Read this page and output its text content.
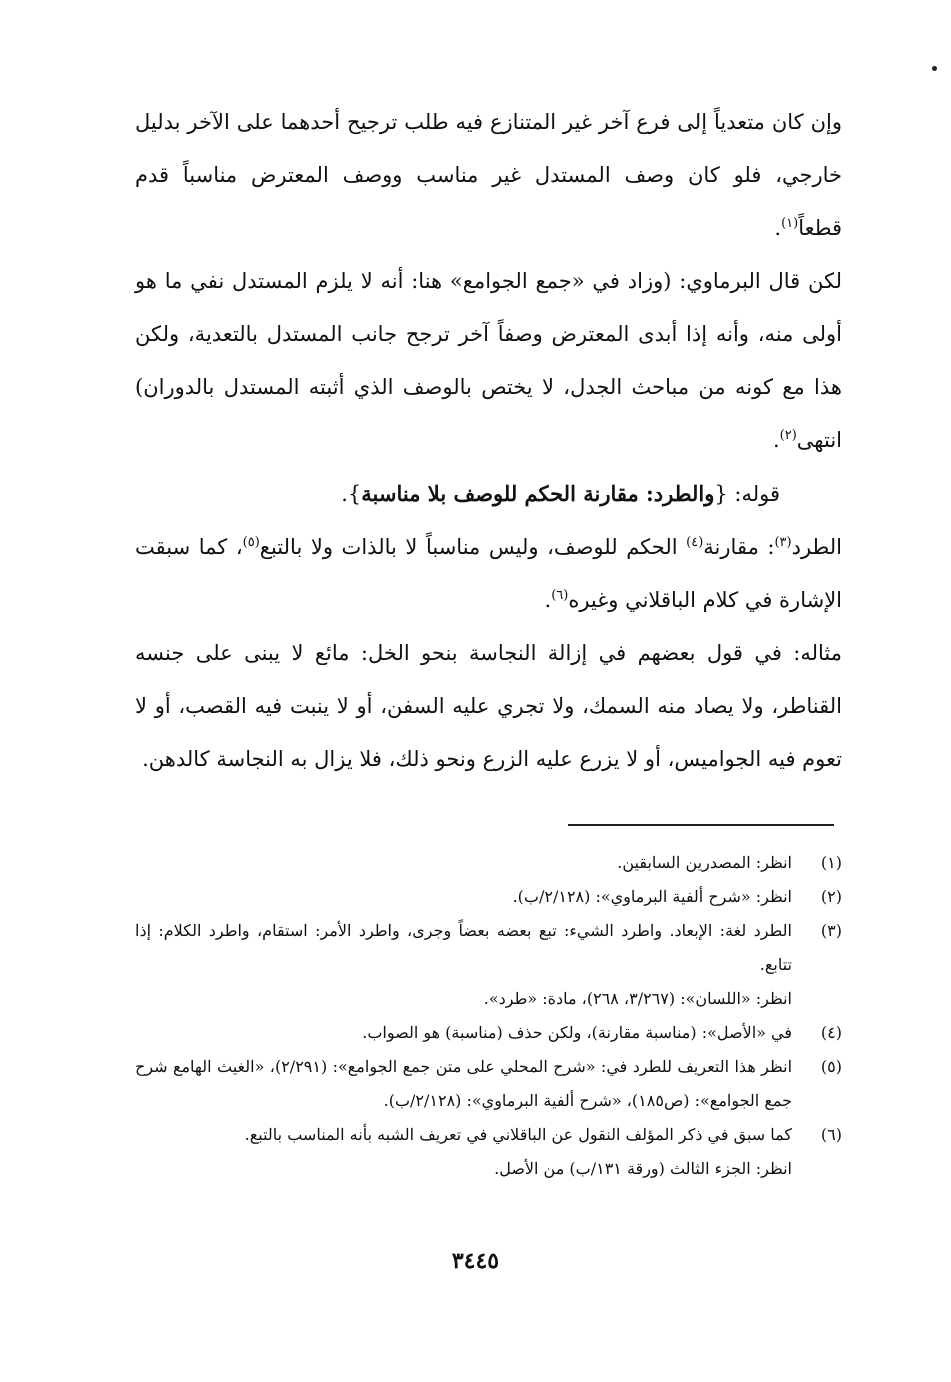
وإن كان متعدياً إلى فرع آخر غير المتنازع فيه طلب ترجيح أحدهما على الآخر بدليل خارجي، فلو كان وصف المستدل غير مناسب ووصف المعترض مناسباً قدم قطعاً$^{(١)}$.

لكن قال البرماوي: (وزاد في «جمع الجوامع» هنا: أنه لا يلزم المستدل نفي ما هو أولى منه، وأنه إذا أبدى المعترض وصفاً آخر ترجح جانب المستدل بالتعدية، ولكن هذا مع كونه من مباحث الجدل، لا يختص بالوصف الذي أثبته المستدل بالدوران) انتهى$^{(٢)}$.

قوله: {والطرد: مقارنة الحكم للوصف بلا مناسبة}.

الطرد$^{(٣)}$: مقارنة$^{(٤)}$ الحكم للوصف، وليس مناسباً لا بالذات ولا بالتبع$^{(٥)}$، كما سبقت الإشارة في كلام الباقلاني وغيره$^{(٦)}$.

مثاله: في قول بعضهم في إزالة النجاسة بنحو الخل: مائع لا يبنى على جنسه القناطر، ولا يصاد منه السمك، ولا تجري عليه السفن، أو لا ينبت فيه القصب، أو لا تعوم فيه الجواميس، أو لا يزرع عليه الزرع ونحو ذلك، فلا يزال به النجاسة كالدهن.

(١)
انظر: المصدرين السابقين.
(٢)
انظر: «شرح ألفية البرماوي»: (٢/١٢٨/ب).
(٣)
الطرد لغة: الإبعاد. واطرد الشيء: تبع بعضه بعضاً وجرى، واطرد الأمر: استقام، واطرد الكلام: إذا تتابع.
انظر: «اللسان»: (٣/٢٦٧، ٢٦٨)، مادة: «طرد».
(٤)
في «الأصل»: (مناسبة مقارنة)، ولكن حذف (مناسبة) هو الصواب.
(٥)
انظر هذا التعريف للطرد في: «شرح المحلي على متن جمع الجوامع»: (٢/٢٩١)، «الغيث الهامع شرح جمع الجوامع»: (ص١٨٥)، «شرح ألفية البرماوي»: (٢/١٢٨/ب).
(٦)
كما سبق في ذكر المؤلف النقول عن الباقلاني في تعريف الشبه بأنه المناسب بالتبع.
انظر: الجزء الثالث (ورقة ١٣١/ب) من الأصل.
٣٤٤٥
